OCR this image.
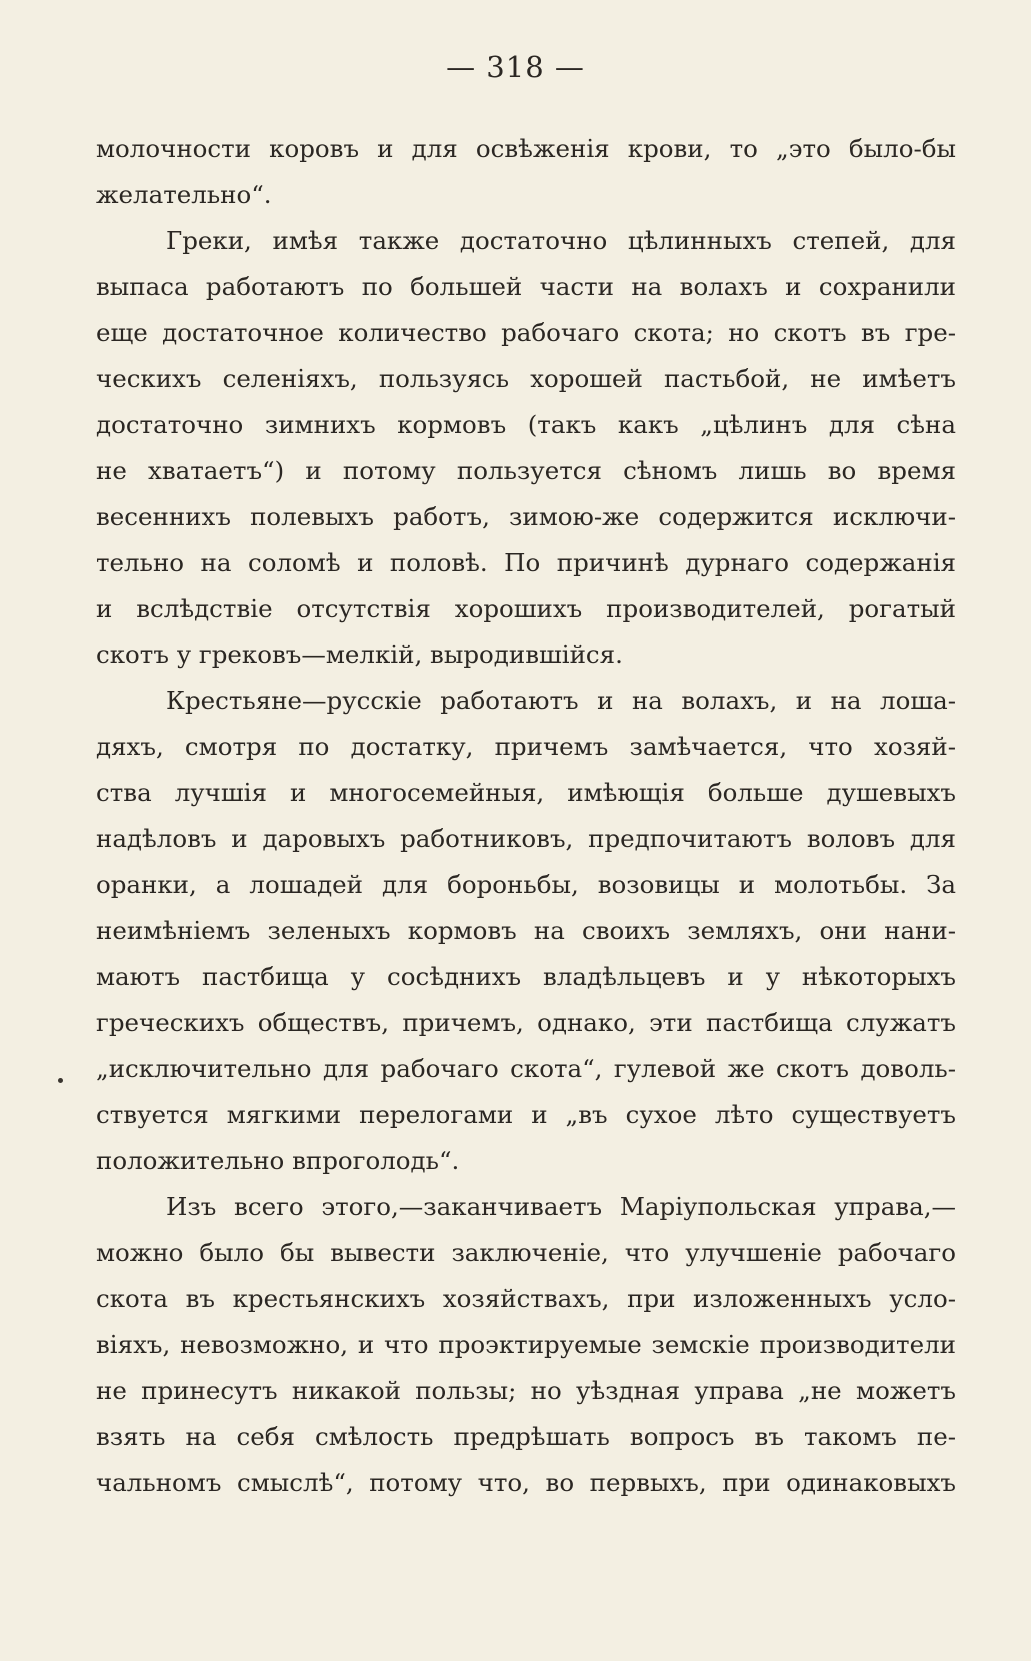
— 318 —
молочности коровъ и для освѣженія крови, то „это было-бы
желательно“.
Греки, имѣя также достаточно цѣлинныхъ степей, для
выпаса работаютъ по большей части на волахъ и сохранили
еще достаточное количество рабочаго скота; но скотъ въ гре-
ческихъ селеніяхъ, пользуясь хорошей пастьбой, не имѣетъ
достаточно зимнихъ кормовъ (такъ какъ „цѣлинъ для сѣна
не хватаетъ“) и потому пользуется сѣномъ лишь во время
весеннихъ полевыхъ работъ, зимою-же содержится исключи-
тельно на соломѣ и половѣ. По причинѣ дурнаго содержанія
и вслѣдствіе отсутствія хорошихъ производителей, рогатый
скотъ у грековъ—мелкій, выродившійся.
Крестьяне—русскіе работаютъ и на волахъ, и на лоша-
дяхъ, смотря по достатку, причемъ замѣчается, что хозяй-
ства лучшія и многосемейныя, имѣющія больше душевыхъ
надѣловъ и даровыхъ работниковъ, предпочитаютъ воловъ для
оранки, а лошадей для бороньбы, возовицы и молотьбы. За
неимѣніемъ зеленыхъ кормовъ на своихъ земляхъ, они нани-
маютъ пастбища у сосѣднихъ владѣльцевъ и у нѣкоторыхъ
греческихъ обществъ, причемъ, однако, эти пастбища служатъ
„исключительно для рабочаго скота“, гулевой же скотъ доволь-
ствуется мягкими перелогами и „въ сухое лѣто существуетъ
положительно впроголодь“.
Изъ всего этого,—заканчиваетъ Маріупольская управа,—
можно было бы вывести заключеніе, что улучшеніе рабочаго
скота въ крестьянскихъ хозяйствахъ, при изложенныхъ усло-
віяхъ, невозможно, и что проэктируемые земскіе производители
не принесутъ никакой пользы; но уѣздная управа „не можетъ
взять на себя смѣлость предрѣшать вопросъ въ такомъ пе-
чальномъ смыслѣ“, потому что, во первыхъ, при одинаковыхъ
